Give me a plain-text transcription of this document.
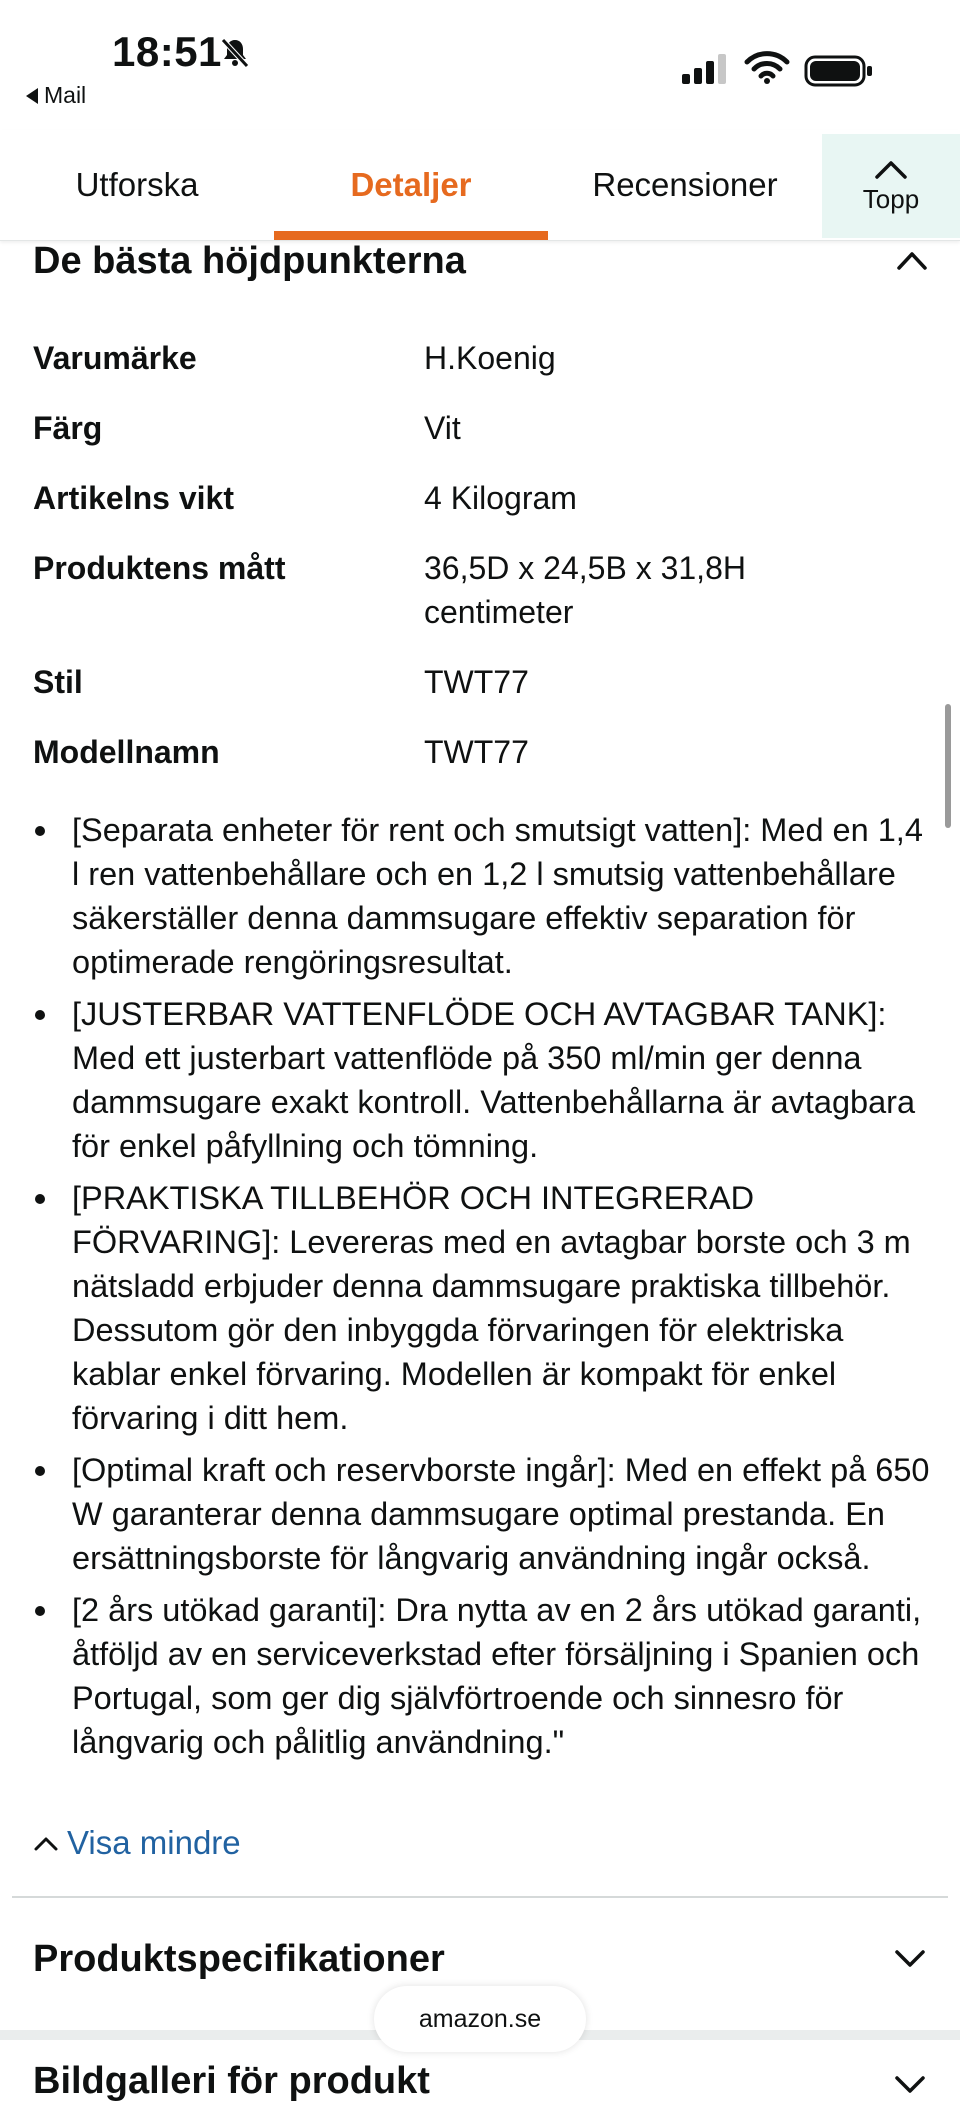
18:51
Mail
Utforska	Detaljer	Recensioner	Topp
De bästa höjdpunkterna
Varumärke	H.Koenig
Färg	Vit
Artikelns vikt	4 Kilogram
Produktens mått	36,5D x 24,5B x 31,8H centimeter
Stil	TWT77
Modellnamn	TWT77
[Separata enheter för rent och smutsigt vatten]: Med en 1,4 l ren vattenbehållare och en 1,2 l smutsig vattenbehållare säkerställer denna dammsugare effektiv separation för optimerade rengöringsresultat.
[JUSTERBAR VATTENFLÖDE OCH AVTAGBAR TANK]: Med ett justerbart vattenflöde på 350 ml/min ger denna dammsugare exakt kontroll. Vattenbehållarna är avtagbara för enkel påfyllning och tömning.
[PRAKTISKA TILLBEHÖR OCH INTEGRERAD FÖRVARING]: Levereras med en avtagbar borste och 3 m nätsladd erbjuder denna dammsugare praktiska tillbehör. Dessutom gör den inbyggda förvaringen för elektriska kablar enkel förvaring. Modellen är kompakt för enkel förvaring i ditt hem.
[Optimal kraft och reservborste ingår]: Med en effekt på 650 W garanterar denna dammsugare optimal prestanda. En ersättningsborste för långvarig användning ingår också.
[2 års utökad garanti]: Dra nytta av en 2 års utökad garanti, åtföljd av en serviceverkstad efter försäljning i Spanien och Portugal, som ger dig självförtroende och sinnesro för långvarig och pålitlig användning."
Visa mindre
Produktspecifikationer
Bildgalleri för produkt
amazon.se
